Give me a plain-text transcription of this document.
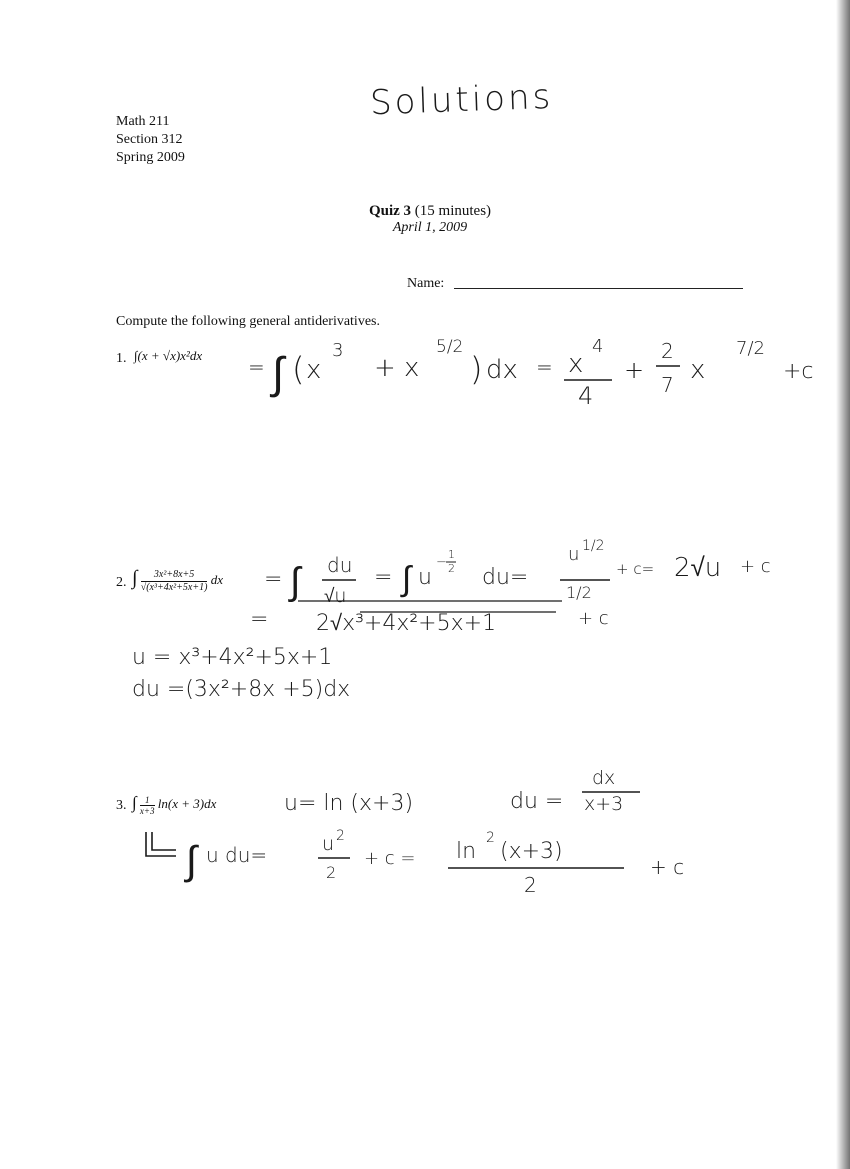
Solutions
Math 211
Section 312
Spring 2009
Quiz 3 (15 minutes)
April 1, 2009
Name:
Compute the following general antiderivatives.
1. ∫(x + √x)x²dx
2. ∫ $\frac{\text{3x²+8x+5}}{\text{√(x³+4x²+5x+1)}}$ dx
3. ∫ $\frac{1}{x+3} \ln(x + 3)dx$
= ∫ ( x
3
+ x
5/2
) dx = x
4
4
+
2
7 x
7/2
+c
= ∫ du
√u
= ∫ u
−
1
2 du=
u 1/2
1/2
+ c= 2√u + c
= 2√x³+4x²+5x+1	+ c
u = x³+4x²+5x+1
du =(3x²+8x +5)dx
u= ln (x+3)	du =
dx
x+3
∫ u du=	u 2
2
+ c = ln
2
(x+3)
2
+ c
